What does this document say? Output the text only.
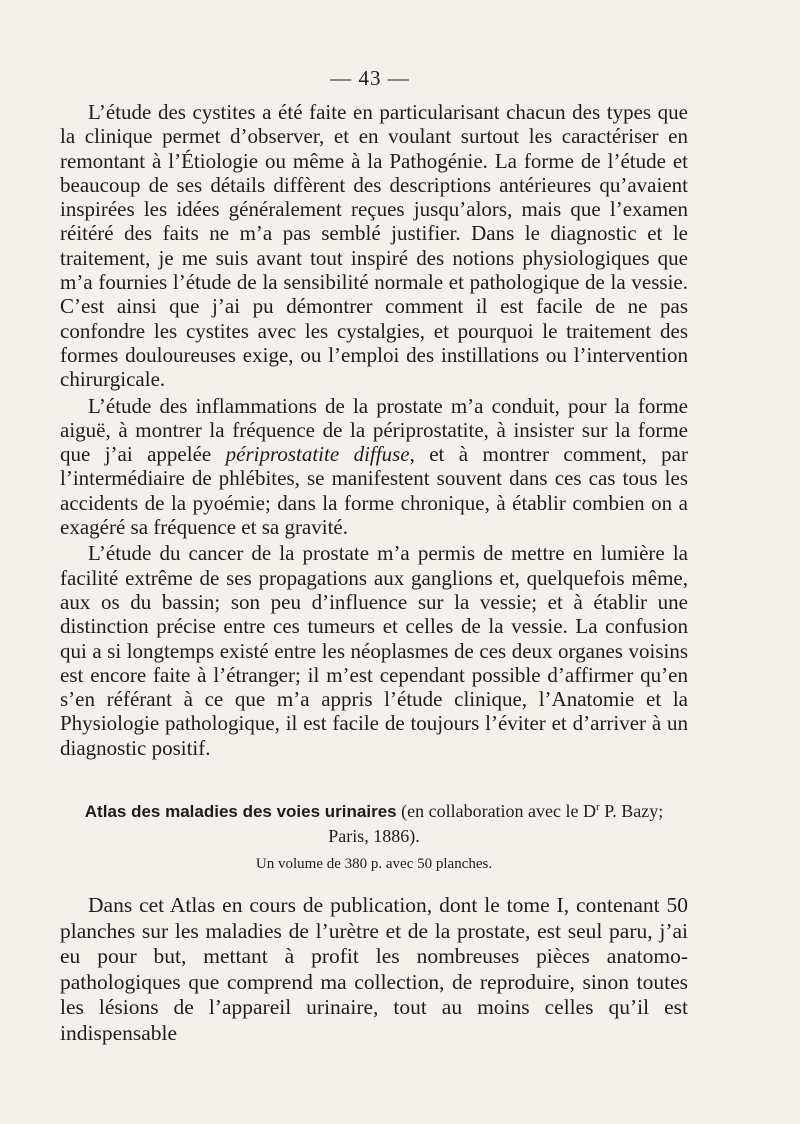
— 43 —

L’étude des cystites a été faite en particularisant chacun des types que la clinique permet d’observer, et en voulant surtout les caractériser en remontant à l’Étiologie ou même à la Pathogénie. La forme de l’étude et beaucoup de ses détails diffèrent des descriptions antérieures qu’avaient inspirées les idées généralement reçues jusqu’alors, mais que l’examen réitéré des faits ne m’a pas semblé justifier. Dans le diagnostic et le traitement, je me suis avant tout inspiré des notions physiologiques que m’a fournies l’étude de la sensibilité normale et pathologique de la vessie. C’est ainsi que j’ai pu démontrer comment il est facile de ne pas confondre les cystites avec les cystalgies, et pourquoi le traitement des formes douloureuses exige, ou l’emploi des instillations ou l’intervention chirurgicale.

L’étude des inflammations de la prostate m’a conduit, pour la forme aiguë, à montrer la fréquence de la périprostatite, à insister sur la forme que j’ai appelée périprostatite diffuse, et à montrer comment, par l’intermédiaire de phlébites, se manifestent souvent dans ces cas tous les accidents de la pyoémie; dans la forme chronique, à établir combien on a exagéré sa fréquence et sa gravité.

L’étude du cancer de la prostate m’a permis de mettre en lumière la facilité extrême de ses propagations aux ganglions et, quelquefois même, aux os du bassin; son peu d’influence sur la vessie; et à établir une distinction précise entre ces tumeurs et celles de la vessie. La confusion qui a si longtemps existé entre les néoplasmes de ces deux organes voisins est encore faite à l’étranger; il m’est cependant possible d’affirmer qu’en s’en référant à ce que m’a appris l’étude clinique, l’Anatomie et la Physiologie pathologique, il est facile de toujours l’éviter et d’arriver à un diagnostic positif.

Atlas des maladies des voies urinaires (en collaboration avec le $D^r$ P. Bazy;
Paris, 1886).
Un volume de 380 p. avec 50 planches.

Dans cet Atlas en cours de publication, dont le tome I, contenant 50 planches sur les maladies de l’urètre et de la prostate, est seul paru, j’ai eu pour but, mettant à profit les nombreuses pièces anatomo-pathologiques que comprend ma collection, de reproduire, sinon toutes les lésions de l’appareil urinaire, tout au moins celles qu’il est indispensable
